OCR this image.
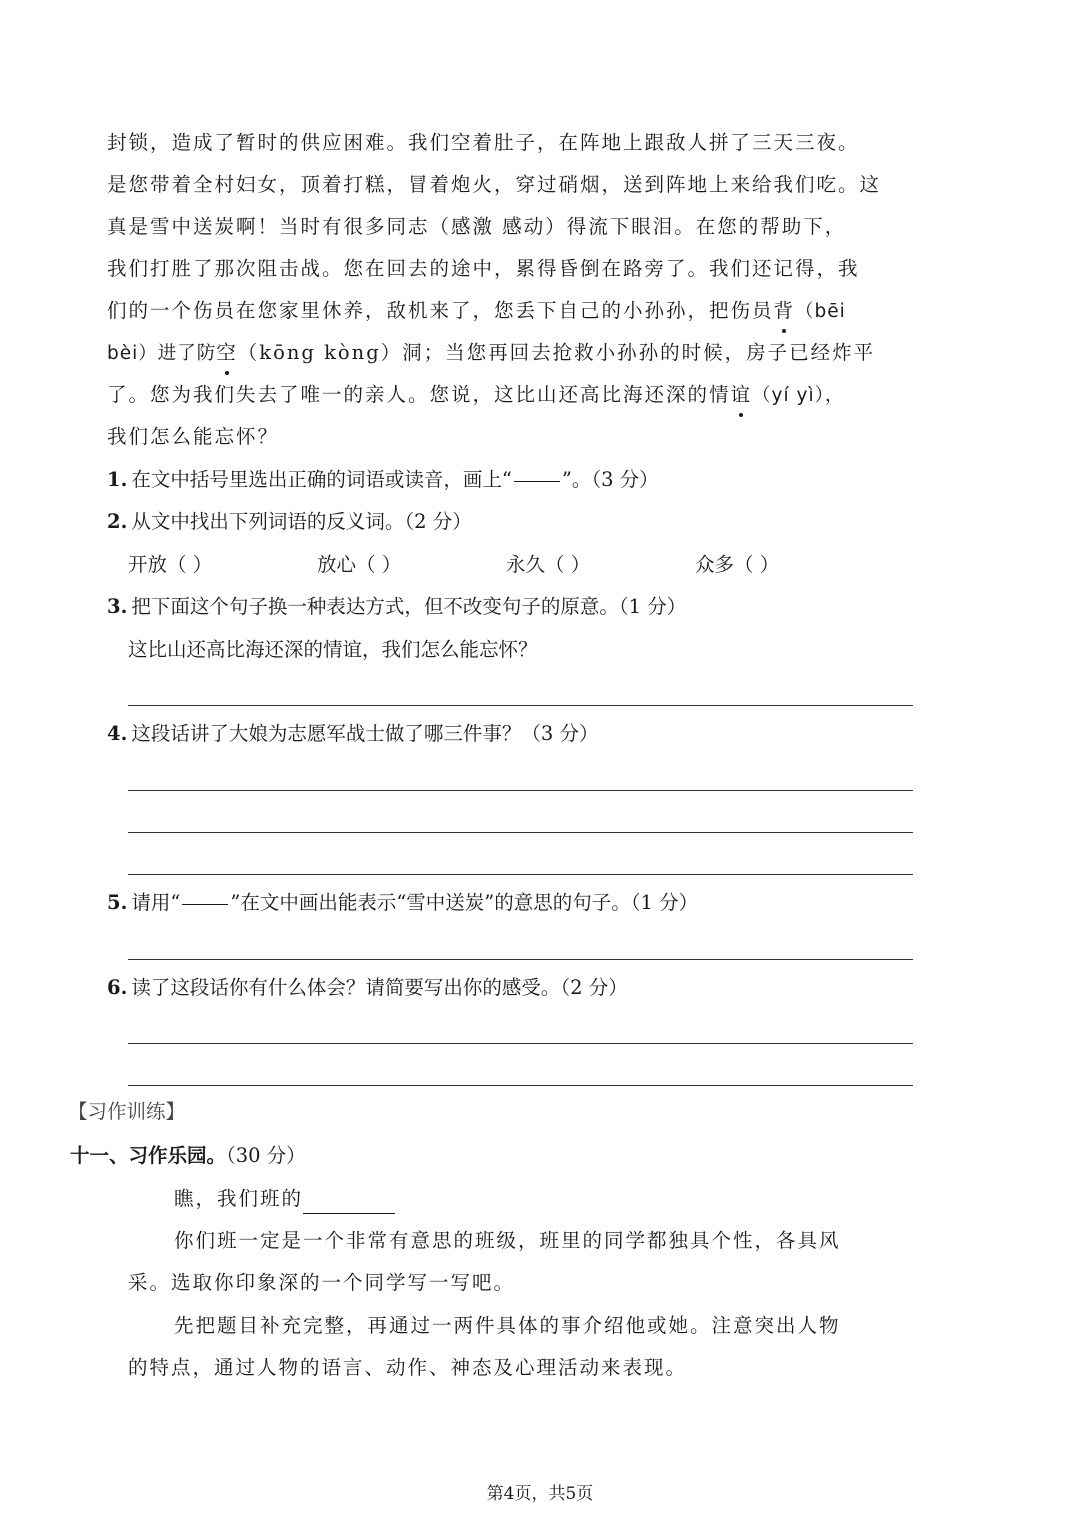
封锁，造成了暂时的供应困难。我们空着肚子，在阵地上跟敌人拼了三天三夜。
是您带着全村妇女，顶着打糕，冒着炮火，穿过硝烟，送到阵地上来给我们吃。这
真是雪中送炭啊！当时有很多同志（感激 感动）得流下眼泪。在您的帮助下，
我们打胜了那次阻击战。您在回去的途中，累得昏倒在路旁了。我们还记得，我
们的一个伤员在您家里休养，敌机来了，您丢下自己的小孙孙，把伤员背（bēi
bèi）进了防空（kōng kòng）洞；当您再回去抢救小孙孙的时候，房子已经炸平
了。您为我们失去了唯一的亲人。您说，这比山还高比海还深的情谊（yí yì），
我们怎么能忘怀？
1. 在文中括号里选出正确的词语或读音，画上“	”。（3 分）
2. 从文中找出下列词语的反义词。（2 分）
开放（ ）	放心（ ）	永久（ ）	众多（ ）
3. 把下面这个句子换一种表达方式，但不改变句子的原意。（1 分）
这比山还高比海还深的情谊，我们怎么能忘怀？
4. 这段话讲了大娘为志愿军战士做了哪三件事？（3 分）
5. 请用“	”在文中画出能表示“雪中送炭”的意思的句子。（1 分）
6. 读了这段话你有什么体会？请简要写出你的感受。（2 分）
【习作训练】
十一、习作乐园。（30 分）
瞧，我们班的
你们班一定是一个非常有意思的班级，班里的同学都独具个性，各具风
采。选取你印象深的一个同学写一写吧。
先把题目补充完整，再通过一两件具体的事介绍他或她。注意突出人物
的特点，通过人物的语言、动作、神态及心理活动来表现。
第4页，共5页
